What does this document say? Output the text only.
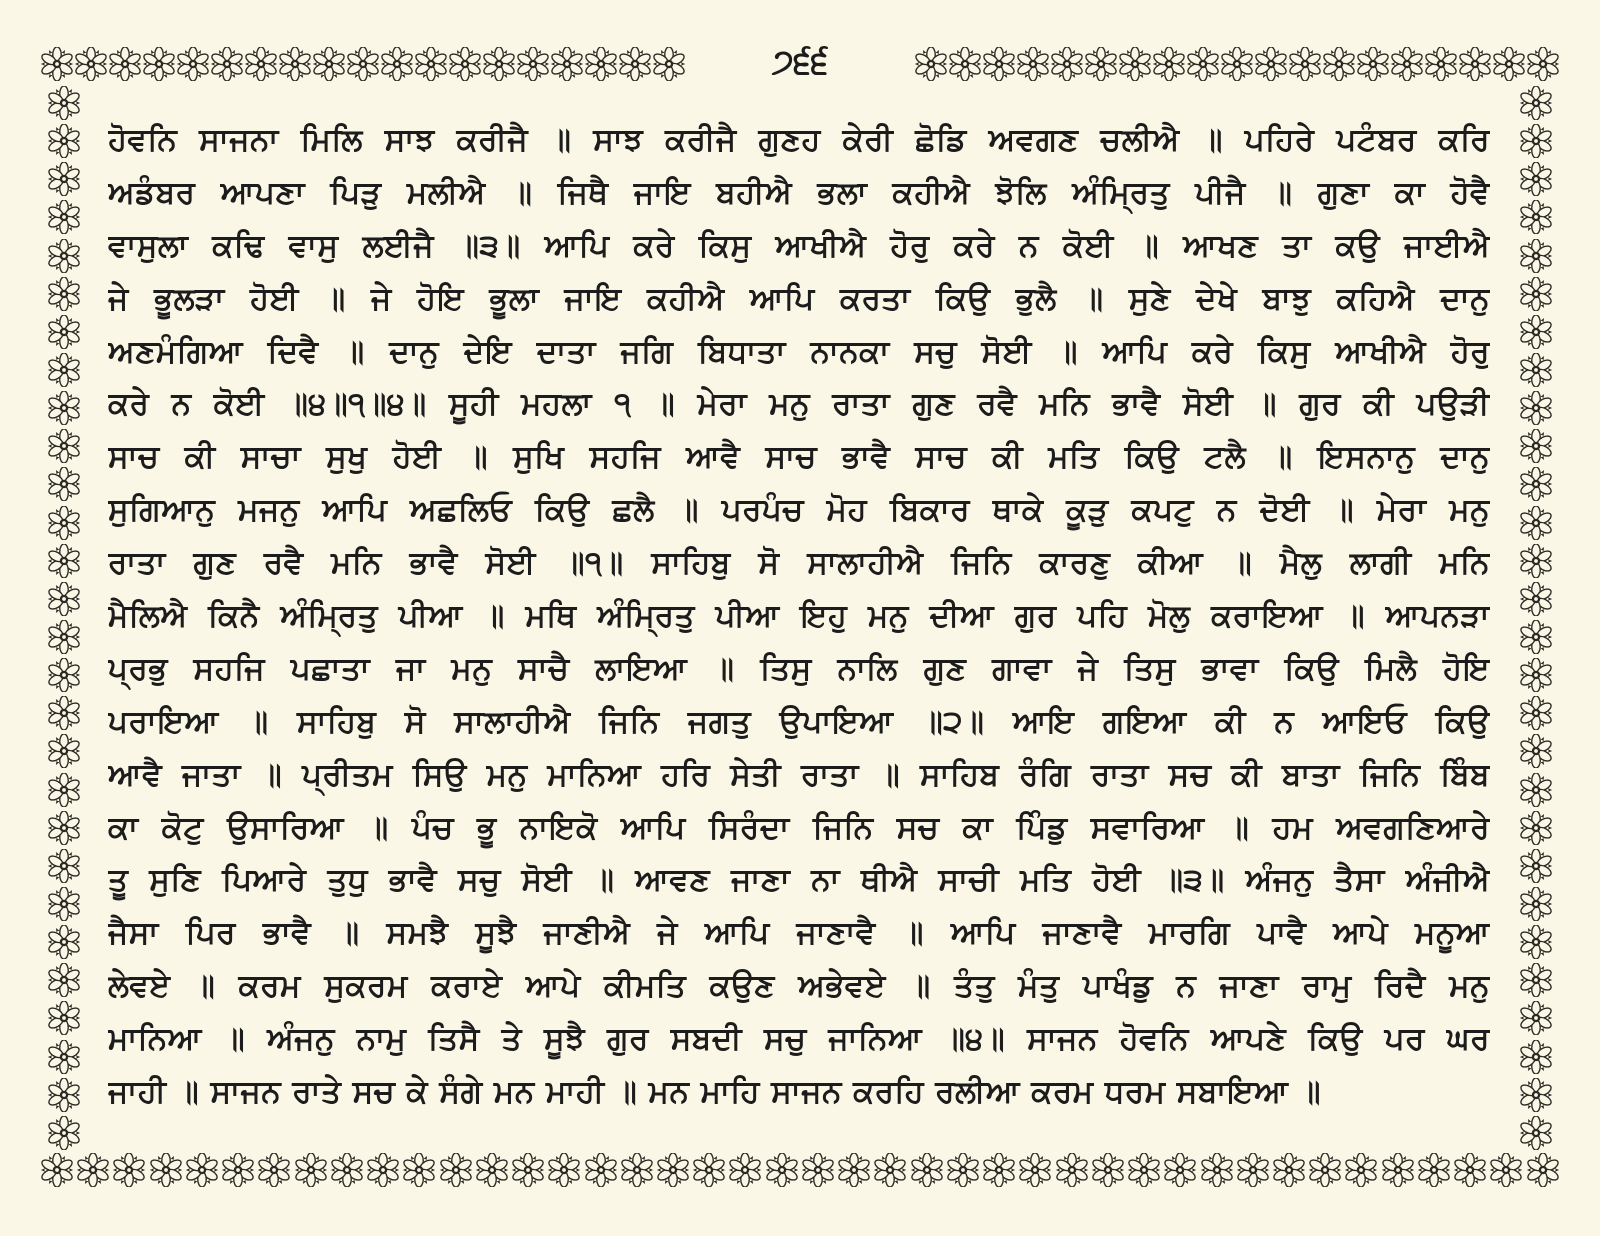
੭੬੬
ਹੋਵਨਿ ਸਾਜਨਾ ਮਿਲਿ ਸਾਝ ਕਰੀਜੈ ॥ ਸਾਝ ਕਰੀਜੈ ਗੁਣਹ ਕੇਰੀ ਛੋਡਿ ਅਵਗਣ ਚਲੀਐ ॥ ਪਹਿਰੇ ਪਟੰਬਰ ਕਰਿ
ਅਡੰਬਰ ਆਪਣਾ ਪਿੜੁ ਮਲੀਐ ॥ ਜਿਥੈ ਜਾਇ ਬਹੀਐ ਭਲਾ ਕਹੀਐ ਝੋਲਿ ਅੰਮ੍ਰਿਤੁ ਪੀਜੈ ॥ ਗੁਣਾ ਕਾ ਹੋਵੈ
ਵਾਸੁਲਾ ਕਢਿ ਵਾਸੁ ਲਈਜੈ ॥੩॥ ਆਪਿ ਕਰੇ ਕਿਸੁ ਆਖੀਐ ਹੋਰੁ ਕਰੇ ਨ ਕੋਈ ॥ ਆਖਣ ਤਾ ਕਉ ਜਾਈਐ
ਜੇ ਭੂਲੜਾ ਹੋਈ ॥ ਜੇ ਹੋਇ ਭੂਲਾ ਜਾਇ ਕਹੀਐ ਆਪਿ ਕਰਤਾ ਕਿਉ ਭੁਲੈ ॥ ਸੁਣੇ ਦੇਖੇ ਬਾਝੁ ਕਹਿਐ ਦਾਨੁ
ਅਣਮੰਗਿਆ ਦਿਵੈ ॥ ਦਾਨੁ ਦੇਇ ਦਾਤਾ ਜਗਿ ਬਿਧਾਤਾ ਨਾਨਕਾ ਸਚੁ ਸੋਈ ॥ ਆਪਿ ਕਰੇ ਕਿਸੁ ਆਖੀਐ ਹੋਰੁ
ਕਰੇ ਨ ਕੋਈ ॥੪॥੧॥੪॥ ਸੂਹੀ ਮਹਲਾ ੧ ॥ ਮੇਰਾ ਮਨੁ ਰਾਤਾ ਗੁਣ ਰਵੈ ਮਨਿ ਭਾਵੈ ਸੋਈ ॥ ਗੁਰ ਕੀ ਪਉੜੀ
ਸਾਚ ਕੀ ਸਾਚਾ ਸੁਖੁ ਹੋਈ ॥ ਸੁਖਿ ਸਹਜਿ ਆਵੈ ਸਾਚ ਭਾਵੈ ਸਾਚ ਕੀ ਮਤਿ ਕਿਉ ਟਲੈ ॥ ਇਸਨਾਨੁ ਦਾਨੁ
ਸੁਗਿਆਨੁ ਮਜਨੁ ਆਪਿ ਅਛਲਿਓ ਕਿਉ ਛਲੈ ॥ ਪਰਪੰਚ ਮੋਹ ਬਿਕਾਰ ਥਾਕੇ ਕੂੜੁ ਕਪਟੁ ਨ ਦੋਈ ॥ ਮੇਰਾ ਮਨੁ
ਰਾਤਾ ਗੁਣ ਰਵੈ ਮਨਿ ਭਾਵੈ ਸੋਈ ॥੧॥ ਸਾਹਿਬੁ ਸੋ ਸਾਲਾਹੀਐ ਜਿਨਿ ਕਾਰਣੁ ਕੀਆ ॥ ਮੈਲੁ ਲਾਗੀ ਮਨਿ
ਮੈਲਿਐ ਕਿਨੈ ਅੰਮ੍ਰਿਤੁ ਪੀਆ ॥ ਮਥਿ ਅੰਮ੍ਰਿਤੁ ਪੀਆ ਇਹੁ ਮਨੁ ਦੀਆ ਗੁਰ ਪਹਿ ਮੋਲੁ ਕਰਾਇਆ ॥ ਆਪਨੜਾ
ਪ੍ਰਭੁ ਸਹਜਿ ਪਛਾਤਾ ਜਾ ਮਨੁ ਸਾਚੈ ਲਾਇਆ ॥ ਤਿਸੁ ਨਾਲਿ ਗੁਣ ਗਾਵਾ ਜੇ ਤਿਸੁ ਭਾਵਾ ਕਿਉ ਮਿਲੈ ਹੋਇ
ਪਰਾਇਆ ॥ ਸਾਹਿਬੁ ਸੋ ਸਾਲਾਹੀਐ ਜਿਨਿ ਜਗਤੁ ਉਪਾਇਆ ॥੨॥ ਆਇ ਗਇਆ ਕੀ ਨ ਆਇਓ ਕਿਉ
ਆਵੈ ਜਾਤਾ ॥ ਪ੍ਰੀਤਮ ਸਿਉ ਮਨੁ ਮਾਨਿਆ ਹਰਿ ਸੇਤੀ ਰਾਤਾ ॥ ਸਾਹਿਬ ਰੰਗਿ ਰਾਤਾ ਸਚ ਕੀ ਬਾਤਾ ਜਿਨਿ ਬਿੰਬ
ਕਾ ਕੋਟੁ ਉਸਾਰਿਆ ॥ ਪੰਚ ਭੂ ਨਾਇਕੋ ਆਪਿ ਸਿਰੰਦਾ ਜਿਨਿ ਸਚ ਕਾ ਪਿੰਡੁ ਸਵਾਰਿਆ ॥ ਹਮ ਅਵਗਣਿਆਰੇ
ਤੂ ਸੁਣਿ ਪਿਆਰੇ ਤੁਧੁ ਭਾਵੈ ਸਚੁ ਸੋਈ ॥ ਆਵਣ ਜਾਣਾ ਨਾ ਥੀਐ ਸਾਚੀ ਮਤਿ ਹੋਈ ॥੩॥ ਅੰਜਨੁ ਤੈਸਾ ਅੰਜੀਐ
ਜੈਸਾ ਪਿਰ ਭਾਵੈ ॥ ਸਮਝੈ ਸੂਝੈ ਜਾਣੀਐ ਜੇ ਆਪਿ ਜਾਣਾਵੈ ॥ ਆਪਿ ਜਾਣਾਵੈ ਮਾਰਗਿ ਪਾਵੈ ਆਪੇ ਮਨੂਆ
ਲੇਵਏ ॥ ਕਰਮ ਸੁਕਰਮ ਕਰਾਏ ਆਪੇ ਕੀਮਤਿ ਕਉਣ ਅਭੇਵਏ ॥ ਤੰਤੁ ਮੰਤੁ ਪਾਖੰਡੁ ਨ ਜਾਣਾ ਰਾਮੁ ਰਿਦੈ ਮਨੁ
ਮਾਨਿਆ ॥ ਅੰਜਨੁ ਨਾਮੁ ਤਿਸੈ ਤੇ ਸੂਝੈ ਗੁਰ ਸਬਦੀ ਸਚੁ ਜਾਨਿਆ ॥੪॥ ਸਾਜਨ ਹੋਵਨਿ ਆਪਣੇ ਕਿਉ ਪਰ ਘਰ
ਜਾਹੀ ॥ ਸਾਜਨ ਰਾਤੇ ਸਚ ਕੇ ਸੰਗੇ ਮਨ ਮਾਹੀ ॥ ਮਨ ਮਾਹਿ ਸਾਜਨ ਕਰਹਿ ਰਲੀਆ ਕਰਮ ਧਰਮ ਸਬਾਇਆ ॥
